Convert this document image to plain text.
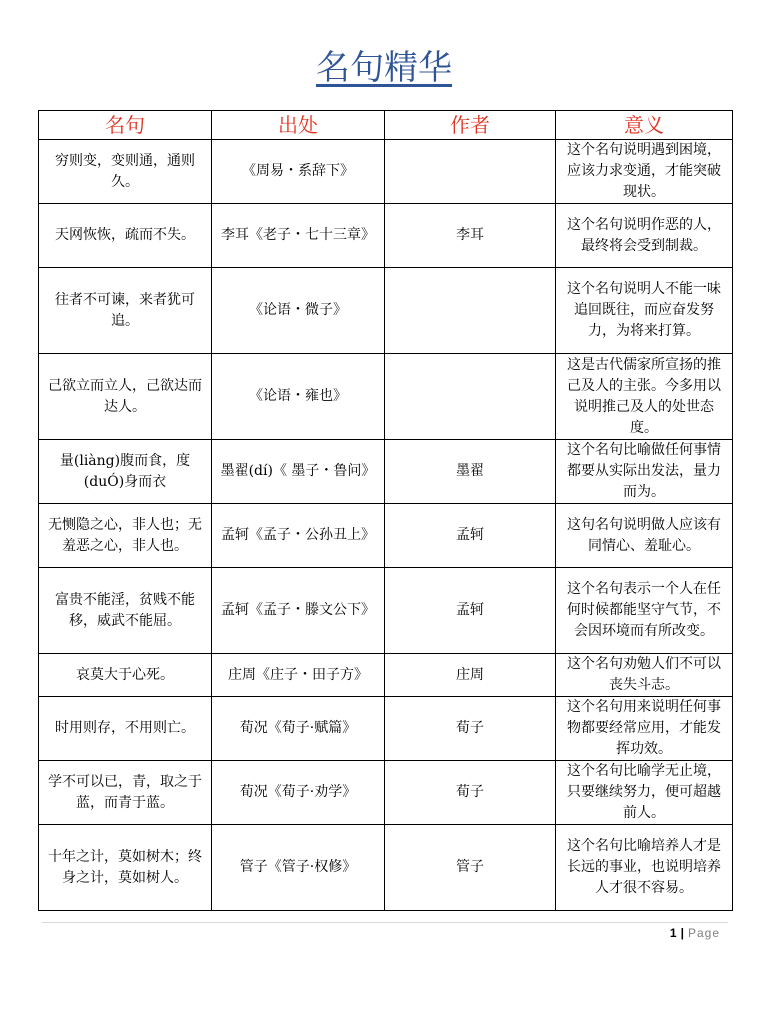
名句精华
名句	出处	作者	意义
穷则变，变则通，通则久。	《周易・系辞下》		这个名句说明遇到困境，应该力求变通，才能突破现状。
天网恢恢，疏而不失。	李耳《老子・七十三章》	李耳	这个名句说明作恶的人，最终将会受到制裁。
往者不可谏，来者犹可追。	《论语・微子》		这个名句说明人不能一味追回既往，而应奋发努力，为将来打算。
己欲立而立人，己欲达而达人。	《论语・雍也》		这是古代儒家所宣扬的推己及人的主张。今多用以说明推己及人的处世态度。
量(liàng)腹而食，度(duÓ)身而衣	墨翟(dí)《 墨子・鲁问》	墨翟	这个名句比喻做任何事情都要从实际出发法，量力而为。
无恻隐之心，非人也；无羞恶之心，非人也。	孟轲《孟子・公孙丑上》	孟轲	这句名句说明做人应该有同情心、羞耻心。
富贵不能淫，贫贱不能移，威武不能屈。	孟轲《孟子・滕文公下》	孟轲	这个名句表示一个人在任何时候都能坚守气节，不会因环境而有所改变。
哀莫大于心死。	庄周《庄子・田子方》	庄周	这个名句劝勉人们不可以丧失斗志。
时用则存，不用则亡。	荀况《荀子·赋篇》	荀子	这个名句用来说明任何事物都要经常应用，才能发挥功效。
学不可以已，青，取之于蓝，而青于蓝。	荀况《荀子·劝学》	荀子	这个名句比喻学无止境，只要继续努力，便可超越前人。
十年之计，莫如树木；终身之计，莫如树人。	管子《管子·权修》	管子	这个名句比喻培养人才是长远的事业，也说明培养人才很不容易。
1 | Page
